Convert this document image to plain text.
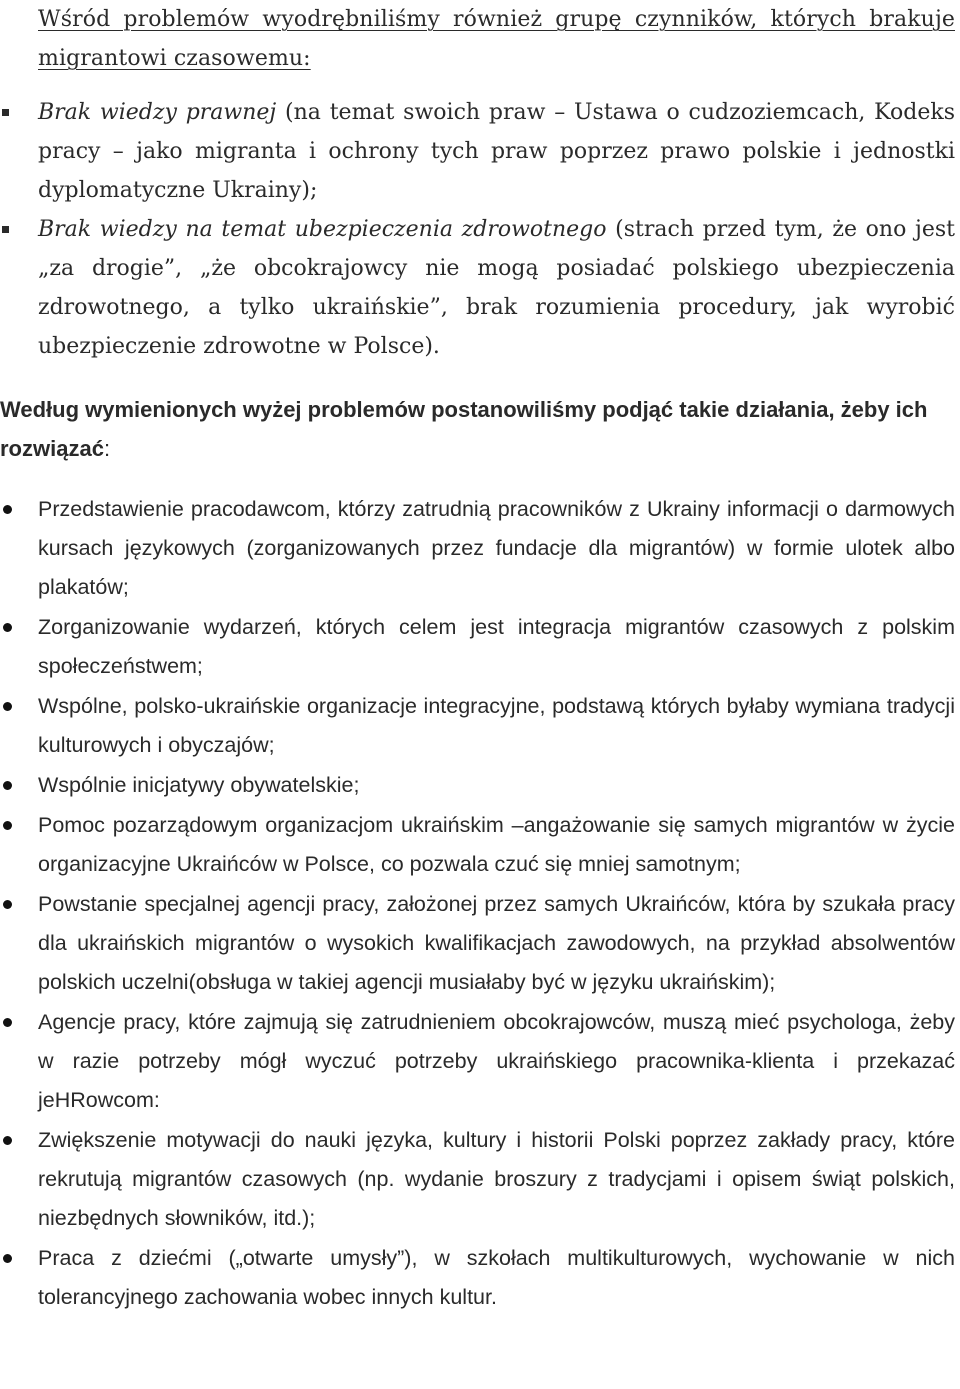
Wśród problemów wyodrębniliśmy również grupę czynników, których brakuje migrantowi czasowemu:

Brak wiedzy prawnej (na temat swoich praw – Ustawa o cudzoziemcach, Kodeks pracy – jako migranta i ochrony tych praw poprzez prawo polskie i jednostki dyplomatyczne Ukrainy);
Brak wiedzy na temat ubezpieczenia zdrowotnego (strach przed tym, że ono jest „za drogie”, „że obcokrajowcy nie mogą posiadać polskiego ubezpieczenia zdrowotnego, a tylko ukraińskie”, brak rozumienia procedury, jak wyrobić ubezpieczenie zdrowotne w Polsce).

Według wymienionych wyżej problemów postanowiliśmy podjąć takie działania, żeby ich rozwiązać:

Przedstawienie pracodawcom, którzy zatrudnią pracowników z Ukrainy informacji o darmowych kursach językowych (zorganizowanych przez fundacje dla migrantów) w formie ulotek albo plakatów;
Zorganizowanie wydarzeń, których celem jest integracja migrantów czasowych z polskim społeczeństwem;
Wspólne, polsko-ukraińskie organizacje integracyjne, podstawą których byłaby wymiana tradycji kulturowych i obyczajów;
Wspólnie inicjatywy obywatelskie;
Pomoc pozarządowym organizacjom ukraińskim –angażowanie się samych migrantów w życie organizacyjne Ukraińców w Polsce, co pozwala czuć się mniej samotnym;
Powstanie specjalnej agencji pracy, założonej przez samych Ukraińców, która by szukała pracy dla ukraińskich migrantów o wysokich kwalifikacjach zawodowych, na przykład absolwentów polskich uczelni(obsługa w takiej agencji musiałaby być w języku ukraińskim);
Agencje pracy, które zajmują się zatrudnieniem obcokrajowców, muszą mieć psychologa, żeby w razie potrzeby mógł wyczuć potrzeby ukraińskiego pracownika-klienta i przekazać jeHRowcom:
Zwiększenie motywacji do nauki języka, kultury i historii Polski poprzez zakłady pracy, które rekrutują migrantów czasowych (np. wydanie broszury z tradycjami i opisem świąt polskich, niezbędnych słowników, itd.);
Praca z dziećmi („otwarte umysły”), w szkołach multikulturowych, wychowanie w nich tolerancyjnego zachowania wobec innych kultur.
